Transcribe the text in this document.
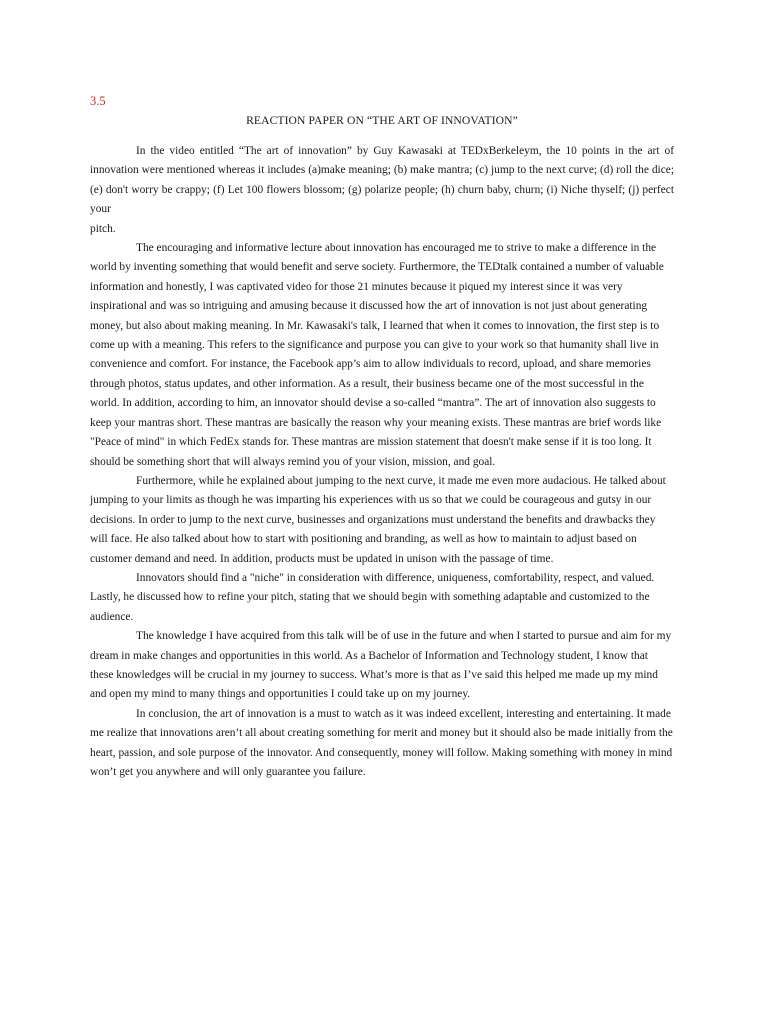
3.5

REACTION PAPER ON “THE ART OF INNOVATION”

In the video entitled “The art of innovation” by Guy Kawasaki at TEDxBerkeleym, the 10 points in the art of innovation were mentioned whereas it includes (a)make meaning; (b) make mantra; (c) jump to the next curve; (d) roll the dice; (e) don't worry be crappy; (f) Let 100 flowers blossom; (g) polarize people; (h) churn baby, churn; (i) Niche thyself; (j) perfect your

pitch.

The encouraging and informative lecture about innovation has encouraged me to strive to make a difference in the world by inventing something that would benefit and serve society. Furthermore, the TEDtalk contained a number of valuable information and honestly, I was captivated video for those 21 minutes because it piqued my interest since it was very inspirational and was so intriguing and amusing because it discussed how the art of innovation is not just about generating money, but also about making meaning. In Mr. Kawasaki's talk, I learned that when it comes to innovation, the first step is to come up with a meaning. This refers to the significance and purpose you can give to your work so that humanity shall live in convenience and comfort. For instance, the Facebook app’s aim to allow individuals to record, upload, and share memories through photos, status updates, and other information. As a result, their business became one of the most successful in the world. In addition, according to him, an innovator should devise a so-called “mantra”. The art of innovation also suggests to keep your mantras short. These mantras are basically the reason why your meaning exists. These mantras are brief words like "Peace of mind" in which FedEx stands for. These mantras are mission statement that doesn't make sense if it is too long. It should be something short that will always remind you of your vision, mission, and goal.

Furthermore, while he explained about jumping to the next curve, it made me even more audacious. He talked about jumping to your limits as though he was imparting his experiences with us so that we could be courageous and gutsy in our decisions. In order to jump to the next curve, businesses and organizations must understand the benefits and drawbacks they will face. He also talked about how to start with positioning and branding, as well as how to maintain to adjust based on customer demand and need. In addition, products must be updated in unison with the passage of time.

Innovators should find a "niche" in consideration with difference, uniqueness, comfortability, respect, and valued. Lastly, he discussed how to refine your pitch, stating that we should begin with something adaptable and customized to the audience.

The knowledge I have acquired from this talk will be of use in the future and when I started to pursue and aim for my dream in make changes and opportunities in this world. As a Bachelor of Information and Technology student, I know that these knowledges will be crucial in my journey to success. What’s more is that as I’ve said this helped me made up my mind and open my mind to many things and opportunities I could take up on my journey.

In conclusion, the art of innovation is a must to watch as it was indeed excellent, interesting and entertaining. It made me realize that innovations aren’t all about creating something for merit and money but it should also be made initially from the heart, passion, and sole purpose of the innovator. And consequently, money will follow. Making something with money in mind won’t get you anywhere and will only guarantee you failure.
